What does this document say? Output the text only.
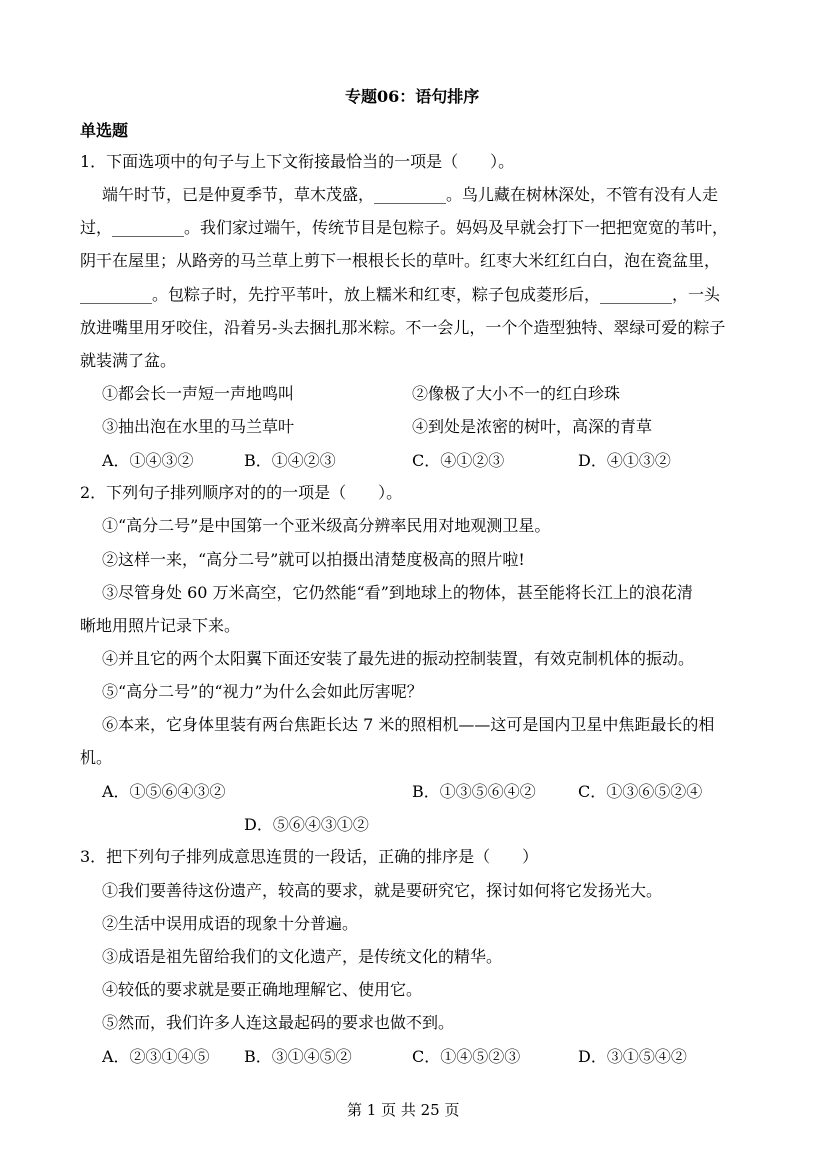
专题06：语句排序
单选题
1．下面选项中的句子与上下文衔接最恰当的一项是（　　）。
端午时节，已是仲夏季节，草木茂盛，_________。鸟儿藏在树林深处，不管有没有人走
过，_________。我们家过端午，传统节目是包粽子。妈妈及早就会打下一把把宽宽的苇叶，
阴干在屋里；从路旁的马兰草上剪下一根根长长的草叶。红枣大米红红白白，泡在瓷盆里，
_________。包粽子时，先拧平苇叶，放上糯米和红枣，粽子包成菱形后，_________，一头
放进嘴里用牙咬住，沿着另-头去捆扎那米粽。不一会儿，一个个造型独特、翠绿可爱的粽子
就装满了盆。
①都会长一声短一声地鸣叫	②像极了大小不一的红白珍珠
③抽出泡在水里的马兰草叶	④到处是浓密的树叶，高深的青草
A．①④③②	B．①④②③	C．④①②③	D．④①③②
2．下列句子排列顺序对的的一项是（　　）。
①“高分二号”是中国第一个亚米级高分辨率民用对地观测卫星。
②这样一来，“高分二号”就可以拍摄出清楚度极高的照片啦!
③尽管身处 60 万米高空，它仍然能“看”到地球上的物体，甚至能将长江上的浪花清
晰地用照片记录下来。
④并且它的两个太阳翼下面还安装了最先进的振动控制装置，有效克制机体的振动。
⑤“高分二号”的“视力”为什么会如此厉害呢？
⑥本来，它身体里装有两台焦距长达 7 米的照相机——这可是国内卫星中焦距最长的相
机。
A．①⑤⑥④③②	B．①③⑤⑥④②	C．①③⑥⑤②④
D．⑤⑥④③①②
3．把下列句子排列成意思连贯的一段话，正确的排序是（　　）
①我们要善待这份遗产，较高的要求，就是要研究它，探讨如何将它发扬光大。
②生活中误用成语的现象十分普遍。
③成语是祖先留给我们的文化遗产，是传统文化的精华。
④较低的要求就是要正确地理解它、使用它。
⑤然而，我们许多人连这最起码的要求也做不到。
A．②③①④⑤ B．③①④⑤②	C．①④⑤②③	D．③①⑤④②
第 1 页 共 25 页
